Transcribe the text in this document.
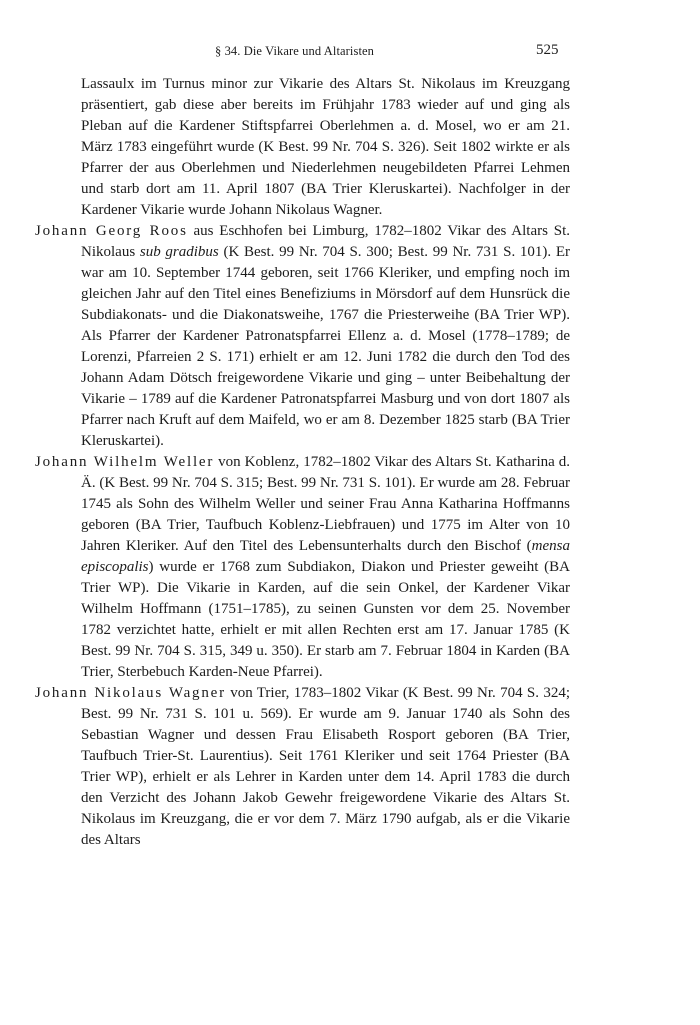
§ 34. Die Vikare und Altaristen	525

Lassaulx im Turnus minor zur Vikarie des Altars St. Nikolaus im Kreuzgang präsentiert, gab diese aber bereits im Frühjahr 1783 wieder auf und ging als Pleban auf die Kardener Stiftspfarrei Oberlehmen a. d. Mosel, wo er am 21. März 1783 eingeführt wurde (K Best. 99 Nr. 704 S. 326). Seit 1802 wirkte er als Pfarrer der aus Oberlehmen und Niederlehmen neugebildeten Pfarrei Lehmen und starb dort am 11. April 1807 (BA Trier Kleruskartei). Nachfolger in der Kardener Vikarie wurde Johann Nikolaus Wagner.

Johann Georg Roos aus Eschhofen bei Limburg, 1782–1802 Vikar des Altars St. Nikolaus sub gradibus (K Best. 99 Nr. 704 S. 300; Best. 99 Nr. 731 S. 101). Er war am 10. September 1744 geboren, seit 1766 Kleriker, und empfing noch im gleichen Jahr auf den Titel eines Benefiziums in Mörsdorf auf dem Hunsrück die Subdiakonats- und die Diakonatsweihe, 1767 die Priesterweihe (BA Trier WP). Als Pfarrer der Kardener Patronatspfarrei Ellenz a. d. Mosel (1778–1789; de Lorenzi, Pfarreien 2 S. 171) erhielt er am 12. Juni 1782 die durch den Tod des Johann Adam Dötsch freigewordene Vikarie und ging – unter Beibehaltung der Vikarie – 1789 auf die Kardener Patronatspfarrei Masburg und von dort 1807 als Pfarrer nach Kruft auf dem Maifeld, wo er am 8. Dezember 1825 starb (BA Trier Kleruskartei).

Johann Wilhelm Weller von Koblenz, 1782–1802 Vikar des Altars St. Katharina d. Ä. (K Best. 99 Nr. 704 S. 315; Best. 99 Nr. 731 S. 101). Er wurde am 28. Februar 1745 als Sohn des Wilhelm Weller und seiner Frau Anna Katharina Hoffmanns geboren (BA Trier, Taufbuch Koblenz-Liebfrauen) und 1775 im Alter von 10 Jahren Kleriker. Auf den Titel des Lebensunterhalts durch den Bischof (mensa episcopalis) wurde er 1768 zum Subdiakon, Diakon und Priester geweiht (BA Trier WP). Die Vikarie in Karden, auf die sein Onkel, der Kardener Vikar Wilhelm Hoffmann (1751–1785), zu seinen Gunsten vor dem 25. November 1782 verzichtet hatte, erhielt er mit allen Rechten erst am 17. Januar 1785 (K Best. 99 Nr. 704 S. 315, 349 u. 350). Er starb am 7. Februar 1804 in Karden (BA Trier, Sterbebuch Karden-Neue Pfarrei).

Johann Nikolaus Wagner von Trier, 1783–1802 Vikar (K Best. 99 Nr. 704 S. 324; Best. 99 Nr. 731 S. 101 u. 569). Er wurde am 9. Januar 1740 als Sohn des Sebastian Wagner und dessen Frau Elisabeth Rosport geboren (BA Trier, Taufbuch Trier-St. Laurentius). Seit 1761 Kleriker und seit 1764 Priester (BA Trier WP), erhielt er als Lehrer in Karden unter dem 14. April 1783 die durch den Verzicht des Johann Jakob Gewehr freigewordene Vikarie des Altars St. Nikolaus im Kreuzgang, die er vor dem 7. März 1790 aufgab, als er die Vikarie des Altars
